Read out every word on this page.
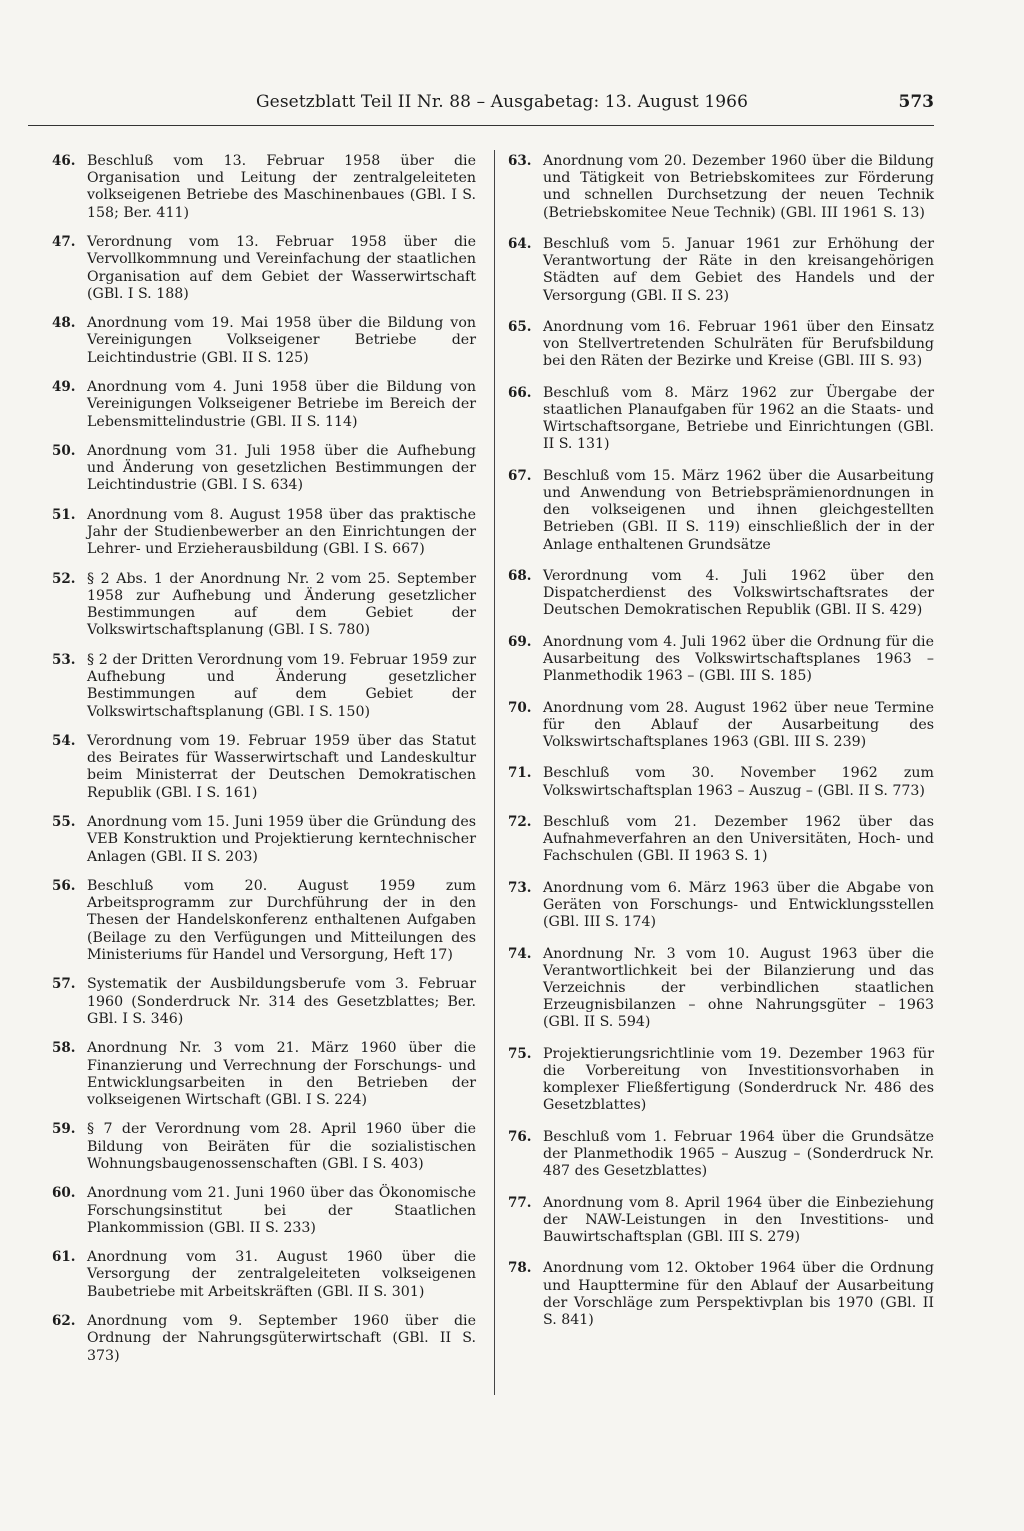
Gesetzblatt Teil II Nr. 88 – Ausgabetag: 13. August 1966	573
46. Beschluß vom 13. Februar 1958 über die Organisation und Leitung der zentralgeleiteten volkseigenen Betriebe des Maschinenbaues (GBl. I S. 158; Ber. 411)
47. Verordnung vom 13. Februar 1958 über die Vervollkommnung und Vereinfachung der staatlichen Organisation auf dem Gebiet der Wasserwirtschaft (GBl. I S. 188)
48. Anordnung vom 19. Mai 1958 über die Bildung von Vereinigungen Volkseigener Betriebe der Leichtindustrie (GBl. II S. 125)
49. Anordnung vom 4. Juni 1958 über die Bildung von Vereinigungen Volkseigener Betriebe im Bereich der Lebensmittelindustrie (GBl. II S. 114)
50. Anordnung vom 31. Juli 1958 über die Aufhebung und Änderung von gesetzlichen Bestimmungen der Leichtindustrie (GBl. I S. 634)
51. Anordnung vom 8. August 1958 über das praktische Jahr der Studienbewerber an den Einrichtungen der Lehrer- und Erzieherausbildung (GBl. I S. 667)
52. § 2 Abs. 1 der Anordnung Nr. 2 vom 25. September 1958 zur Aufhebung und Änderung gesetzlicher Bestimmungen auf dem Gebiet der Volkswirtschaftsplanung (GBl. I S. 780)
53. § 2 der Dritten Verordnung vom 19. Februar 1959 zur Aufhebung und Änderung gesetzlicher Bestimmungen auf dem Gebiet der Volkswirtschaftsplanung (GBl. I S. 150)
54. Verordnung vom 19. Februar 1959 über das Statut des Beirates für Wasserwirtschaft und Landeskultur beim Ministerrat der Deutschen Demokratischen Republik (GBl. I S. 161)
55. Anordnung vom 15. Juni 1959 über die Gründung des VEB Konstruktion und Projektierung kerntechnischer Anlagen (GBl. II S. 203)
56. Beschluß vom 20. August 1959 zum Arbeitsprogramm zur Durchführung der in den Thesen der Handelskonferenz enthaltenen Aufgaben (Beilage zu den Verfügungen und Mitteilungen des Ministeriums für Handel und Versorgung, Heft 17)
57. Systematik der Ausbildungsberufe vom 3. Februar 1960 (Sonderdruck Nr. 314 des Gesetzblattes; Ber. GBl. I S. 346)
58. Anordnung Nr. 3 vom 21. März 1960 über die Finanzierung und Verrechnung der Forschungs- und Entwicklungsarbeiten in den Betrieben der volkseigenen Wirtschaft (GBl. I S. 224)
59. § 7 der Verordnung vom 28. April 1960 über die Bildung von Beiräten für die sozialistischen Wohnungsbaugenossenschaften (GBl. I S. 403)
60. Anordnung vom 21. Juni 1960 über das Ökonomische Forschungsinstitut bei der Staatlichen Plankommission (GBl. II S. 233)
61. Anordnung vom 31. August 1960 über die Versorgung der zentralgeleiteten volkseigenen Baubetriebe mit Arbeitskräften (GBl. II S. 301)
62. Anordnung vom 9. September 1960 über die Ordnung der Nahrungsgüterwirtschaft (GBl. II S. 373)
63. Anordnung vom 20. Dezember 1960 über die Bildung und Tätigkeit von Betriebskomitees zur Förderung und schnellen Durchsetzung der neuen Technik (Betriebskomitee Neue Technik) (GBl. III 1961 S. 13)
64. Beschluß vom 5. Januar 1961 zur Erhöhung der Verantwortung der Räte in den kreisangehörigen Städten auf dem Gebiet des Handels und der Versorgung (GBl. II S. 23)
65. Anordnung vom 16. Februar 1961 über den Einsatz von Stellvertretenden Schulräten für Berufsbildung bei den Räten der Bezirke und Kreise (GBl. III S. 93)
66. Beschluß vom 8. März 1962 zur Übergabe der staatlichen Planaufgaben für 1962 an die Staats- und Wirtschaftsorgane, Betriebe und Einrichtungen (GBl. II S. 131)
67. Beschluß vom 15. März 1962 über die Ausarbeitung und Anwendung von Betriebsprämienordnungen in den volkseigenen und ihnen gleichgestellten Betrieben (GBl. II S. 119) einschließlich der in der Anlage enthaltenen Grundsätze
68. Verordnung vom 4. Juli 1962 über den Dispatcherdienst des Volkswirtschaftsrates der Deutschen Demokratischen Republik (GBl. II S. 429)
69. Anordnung vom 4. Juli 1962 über die Ordnung für die Ausarbeitung des Volkswirtschaftsplanes 1963 – Planmethodik 1963 – (GBl. III S. 185)
70. Anordnung vom 28. August 1962 über neue Termine für den Ablauf der Ausarbeitung des Volkswirtschaftsplanes 1963 (GBl. III S. 239)
71. Beschluß vom 30. November 1962 zum Volkswirtschaftsplan 1963 – Auszug – (GBl. II S. 773)
72. Beschluß vom 21. Dezember 1962 über das Aufnahmeverfahren an den Universitäten, Hoch- und Fachschulen (GBl. II 1963 S. 1)
73. Anordnung vom 6. März 1963 über die Abgabe von Geräten von Forschungs- und Entwicklungsstellen (GBl. III S. 174)
74. Anordnung Nr. 3 vom 10. August 1963 über die Verantwortlichkeit bei der Bilanzierung und das Verzeichnis der verbindlichen staatlichen Erzeugnisbilanzen – ohne Nahrungsgüter – 1963 (GBl. II S. 594)
75. Projektierungsrichtlinie vom 19. Dezember 1963 für die Vorbereitung von Investitionsvorhaben in komplexer Fließfertigung (Sonderdruck Nr. 486 des Gesetzblattes)
76. Beschluß vom 1. Februar 1964 über die Grundsätze der Planmethodik 1965 – Auszug – (Sonderdruck Nr. 487 des Gesetzblattes)
77. Anordnung vom 8. April 1964 über die Einbeziehung der NAW-Leistungen in den Investitions- und Bauwirtschaftsplan (GBl. III S. 279)
78. Anordnung vom 12. Oktober 1964 über die Ordnung und Haupttermine für den Ablauf der Ausarbeitung der Vorschläge zum Perspektivplan bis 1970 (GBl. II S. 841)
